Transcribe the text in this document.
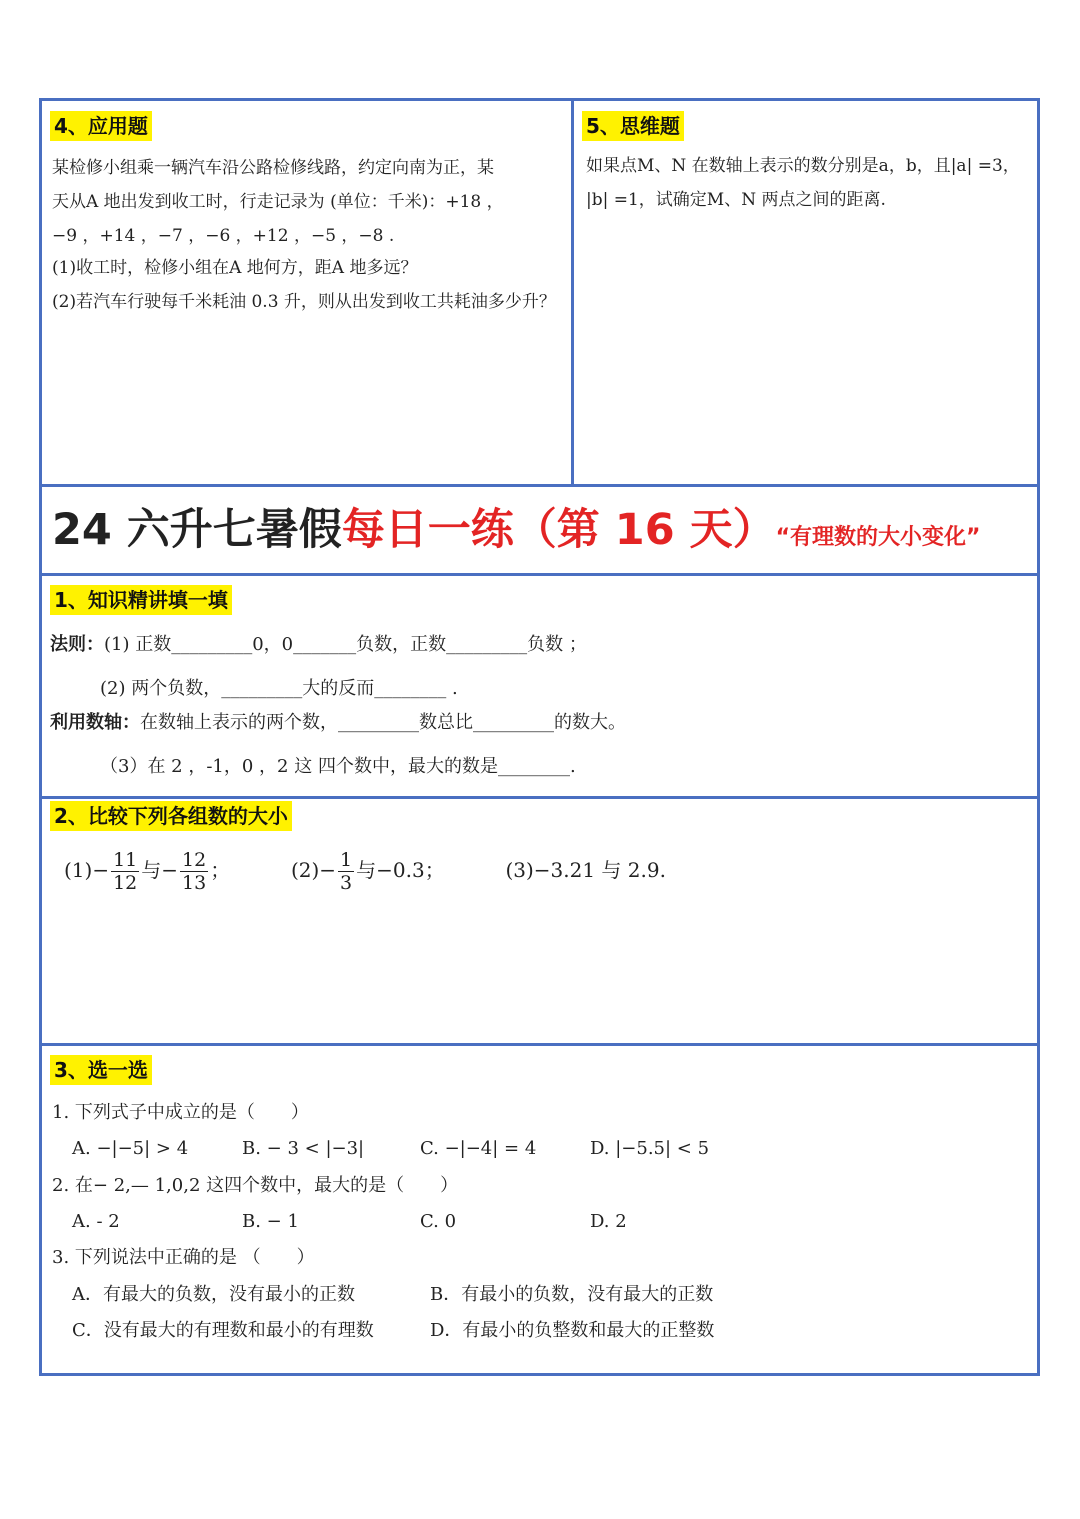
4、应用题
某检修小组乘一辆汽车沿公路检修线路，约定向南为正，某
天从A 地出发到收工时，行走记录为 (单位：千米)：+18 ，
−9 ，+14 ，−7 ，−6 ，+12 ，−5 ，−8 .
(1)收工时，检修小组在A 地何方，距A 地多远？
(2)若汽车行驶每千米耗油 0.3 升，则从出发到收工共耗油多少升？
5、思维题
如果点M、N 在数轴上表示的数分别是a，b，且|a| =3，
|b| =1，试确定M、N 两点之间的距离.
24 六升七暑假每日一练（第 16 天）“有理数的大小变化”
1、知识精讲填一填
法则：(1) 正数_________0，0_______负数，正数_________负数 ；
(2) 两个负数，_________大的反而________ .
利用数轴：在数轴上表示的两个数，_________数总比_________的数大。
（3）在 2 ，-1，0 ，2 这 四个数中，最大的数是________.
2、比较下列各组数的大小
$(1)- \frac{11}{12}$ 与− $\frac{12}{13}$ ；	$(2)- \frac{1}{3}$ 与−0.3；	(3)−3.21 与 2.9.
3、选一选
1. 下列式子中成立的是（　　）
A. −|−5| > 4	B. − 3 < |−3|	C. −|−4| = 4	D. |−5.5| < 5
2. 在− 2,— 1,0,2 这四个数中，最大的是（　　）
A. - 2	B. − 1	C. 0	D. 2
3. 下列说法中正确的是 （　　）
A．有最大的负数，没有最小的正数	B．有最小的负数，没有最大的正数
C．没有最大的有理数和最小的有理数	D．有最小的负整数和最大的正整数
